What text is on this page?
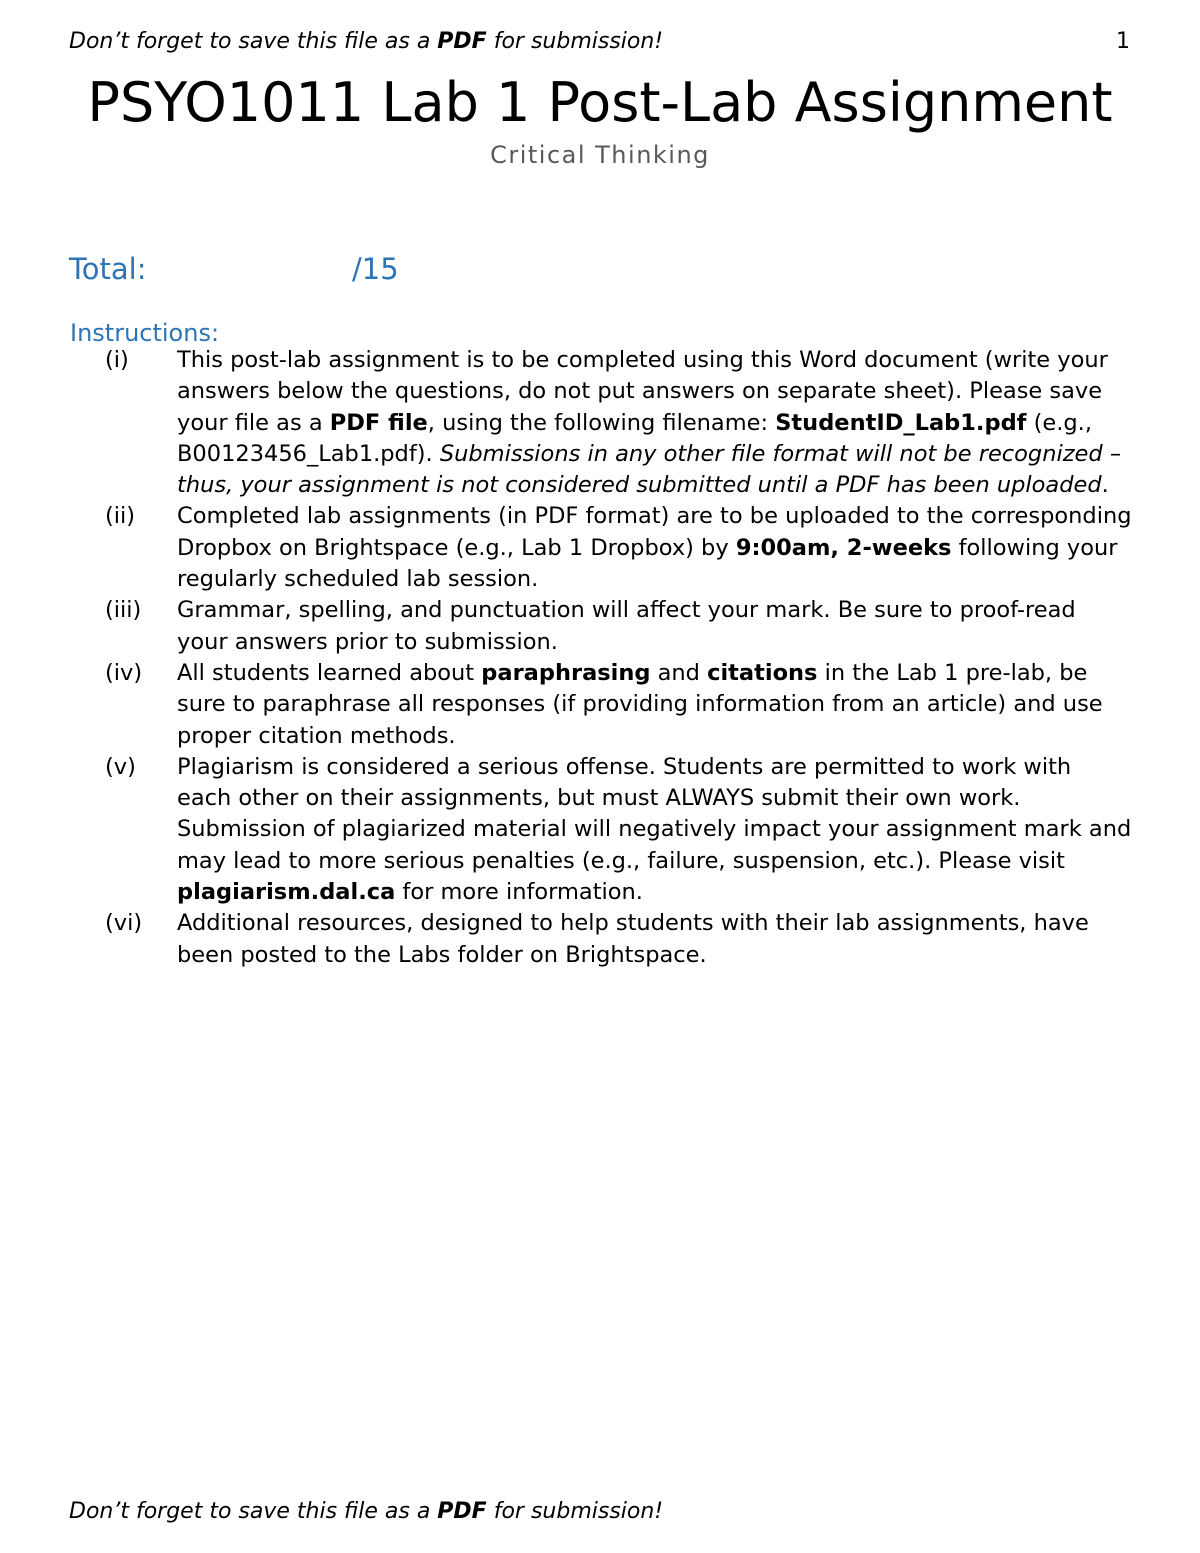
Don’t forget to save this file as a PDF for submission!	1
PSYO1011 Lab 1 Post-Lab Assignment
Critical Thinking
Total:	/15
Instructions:
(i) This post-lab assignment is to be completed using this Word document (write your answers below the questions, do not put answers on separate sheet). Please save your file as a PDF file, using the following filename: StudentID_Lab1.pdf (e.g., B00123456_Lab1.pdf). Submissions in any other file format will not be recognized – thus, your assignment is not considered submitted until a PDF has been uploaded.
(ii) Completed lab assignments (in PDF format) are to be uploaded to the corresponding Dropbox on Brightspace (e.g., Lab 1 Dropbox) by 9:00am, 2-weeks following your regularly scheduled lab session.
(iii) Grammar, spelling, and punctuation will affect your mark. Be sure to proof-read your answers prior to submission.
(iv) All students learned about paraphrasing and citations in the Lab 1 pre-lab, be sure to paraphrase all responses (if providing information from an article) and use proper citation methods.
(v) Plagiarism is considered a serious offense. Students are permitted to work with each other on their assignments, but must ALWAYS submit their own work. Submission of plagiarized material will negatively impact your assignment mark and may lead to more serious penalties (e.g., failure, suspension, etc.). Please visit plagiarism.dal.ca for more information.
(vi) Additional resources, designed to help students with their lab assignments, have been posted to the Labs folder on Brightspace.
Don’t forget to save this file as a PDF for submission!
